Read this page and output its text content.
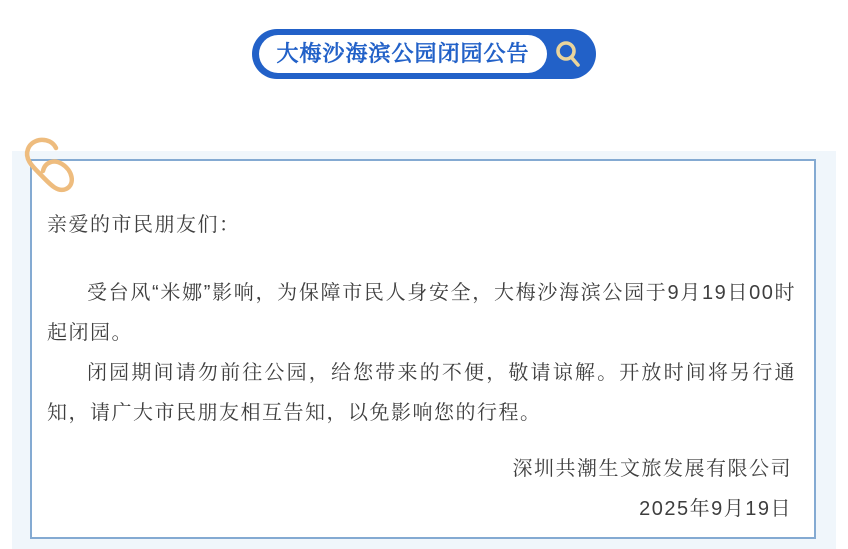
大梅沙海滨公园闭园公告

亲爱的市民朋友们：

受台风“米娜”影响，为保障市民人身安全，大梅沙海滨公园于9月19日00时起闭园。

闭园期间请勿前往公园，给您带来的不便，敬请谅解。开放时间将另行通知，请广大市民朋友相互告知，以免影响您的行程。

深圳共潮生文旅发展有限公司

2025年9月19日
